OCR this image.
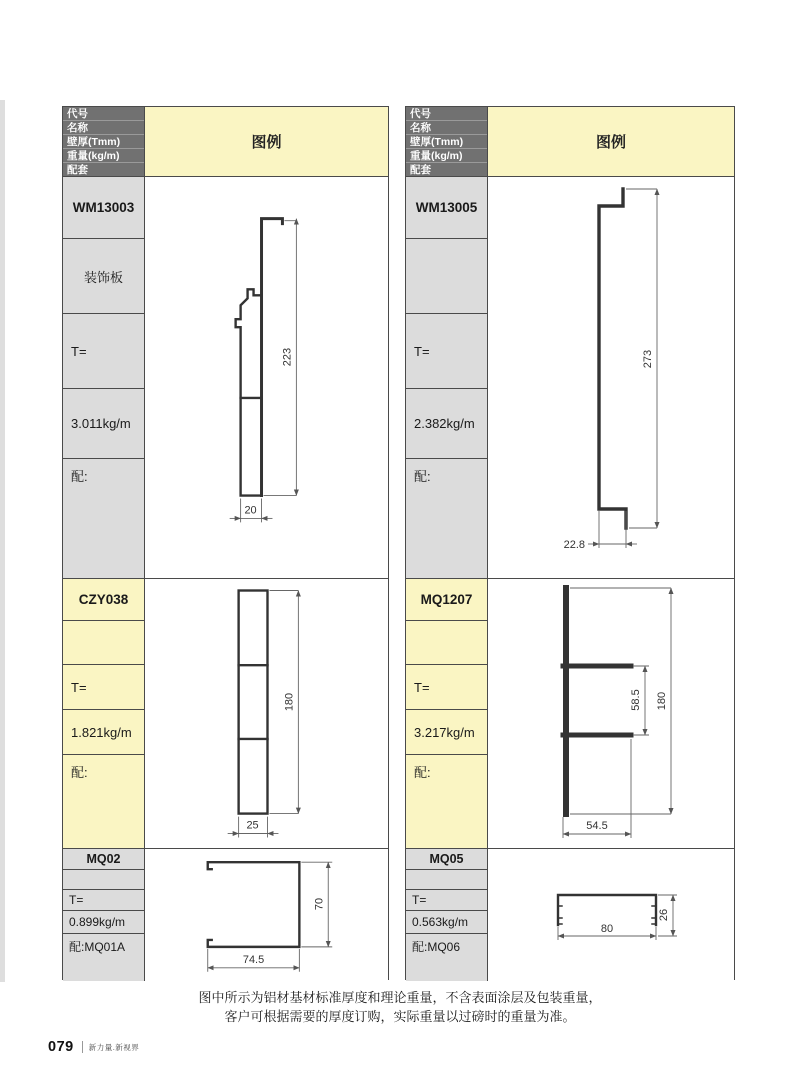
代号
名称
壁厚(Tmm)
重量(kg/m)
配套
图例
WM13003
装饰板
T=
3.011kg/m
配:
223
20
CZY038
T=
1.821kg/m
配:
180
25
MQ02
T=
0.899kg/m
配:MQ01A
70
74.5
代号
名称
壁厚(Tmm)
重量(kg/m)
配套
图例
WM13005
T=
2.382kg/m
配:
273
22.8
MQ1207
T=
3.217kg/m
配:
58.5 180
54.5
MQ05
T=
0.563kg/m
配:MQ06
80
26
图中所示为铝材基材标准厚度和理论重量，不含表面涂层及包装重量，
客户可根据需要的厚度订购，实际重量以过磅时的重量为准。
079 新力量.新视界
